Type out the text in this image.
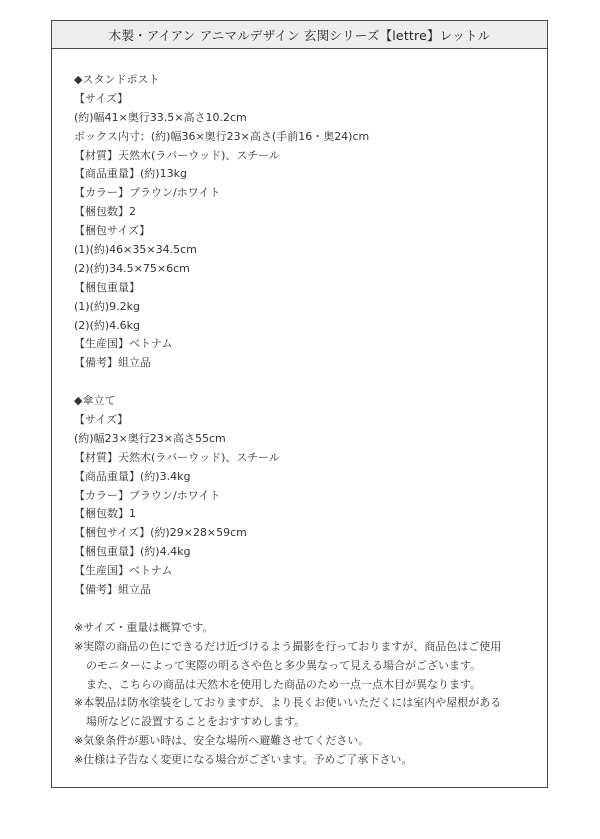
木製・アイアン アニマルデザイン 玄関シリーズ【lettre】レットル
◆スタンドポスト
【サイズ】
(約)幅41×奥行33.5×高さ10.2cm
ボックス内寸：(約)幅36×奥行23×高さ(手前16・奥24)cm
【材質】天然木(ラバーウッド)、スチール
【商品重量】(約)13kg
【カラー】ブラウン/ホワイト
【梱包数】2
【梱包サイズ】
(1)(約)46×35×34.5cm
(2)(約)34.5×75×6cm
【梱包重量】
(1)(約)9.2kg
(2)(約)4.6kg
【生産国】ベトナム
【備考】組立品
◆傘立て
【サイズ】
(約)幅23×奥行23×高さ55cm
【材質】天然木(ラバーウッド)、スチール
【商品重量】(約)3.4kg
【カラー】ブラウン/ホワイト
【梱包数】1
【梱包サイズ】(約)29×28×59cm
【梱包重量】(約)4.4kg
【生産国】ベトナム
【備考】組立品
※サイズ・重量は概算です。
※実際の商品の色にできるだけ近づけるよう撮影を行っておりますが、商品色はご使用
のモニターによって実際の明るさや色と多少異なって見える場合がございます。
また、こちらの商品は天然木を使用した商品のため一点一点木目が異なります。
※本製品は防水塗装をしておりますが、より長くお使いいただくには室内や屋根がある
場所などに設置することをおすすめします。
※気象条件が悪い時は、安全な場所へ避難させてください。
※仕様は予告なく変更になる場合がございます。予めご了承下さい。
